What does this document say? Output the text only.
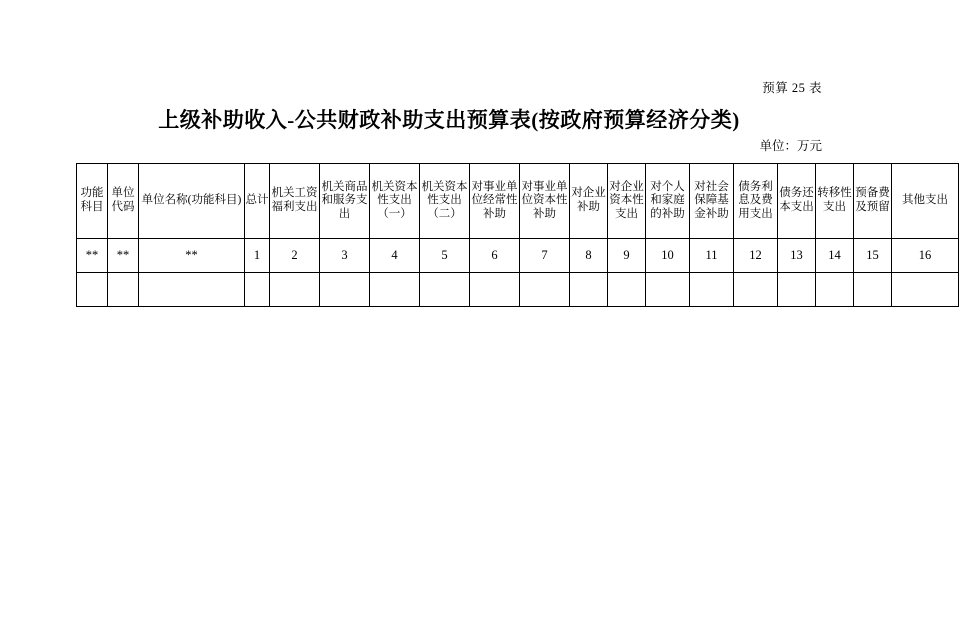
预算 25 表
上级补助收入-公共财政补助支出预算表(按政府预算经济分类)
单位：万元
功能科目	单位代码	单位名称(功能科目)	总计	机关工资福利支出	机关商品和服务支出	机关资本性支出（一）	机关资本性支出（二）	对事业单位经常性补助	对事业单位资本性补助	对企业补助	对企业资本性支出	对个人和家庭的补助	对社会保障基金补助	债务利息及费用支出	债务还本支出	转移性支出	预备费及预留	其他支出

**	**	**	1	2	3	4	5	6	7	8	9	10	11	12	13	14	15	16
